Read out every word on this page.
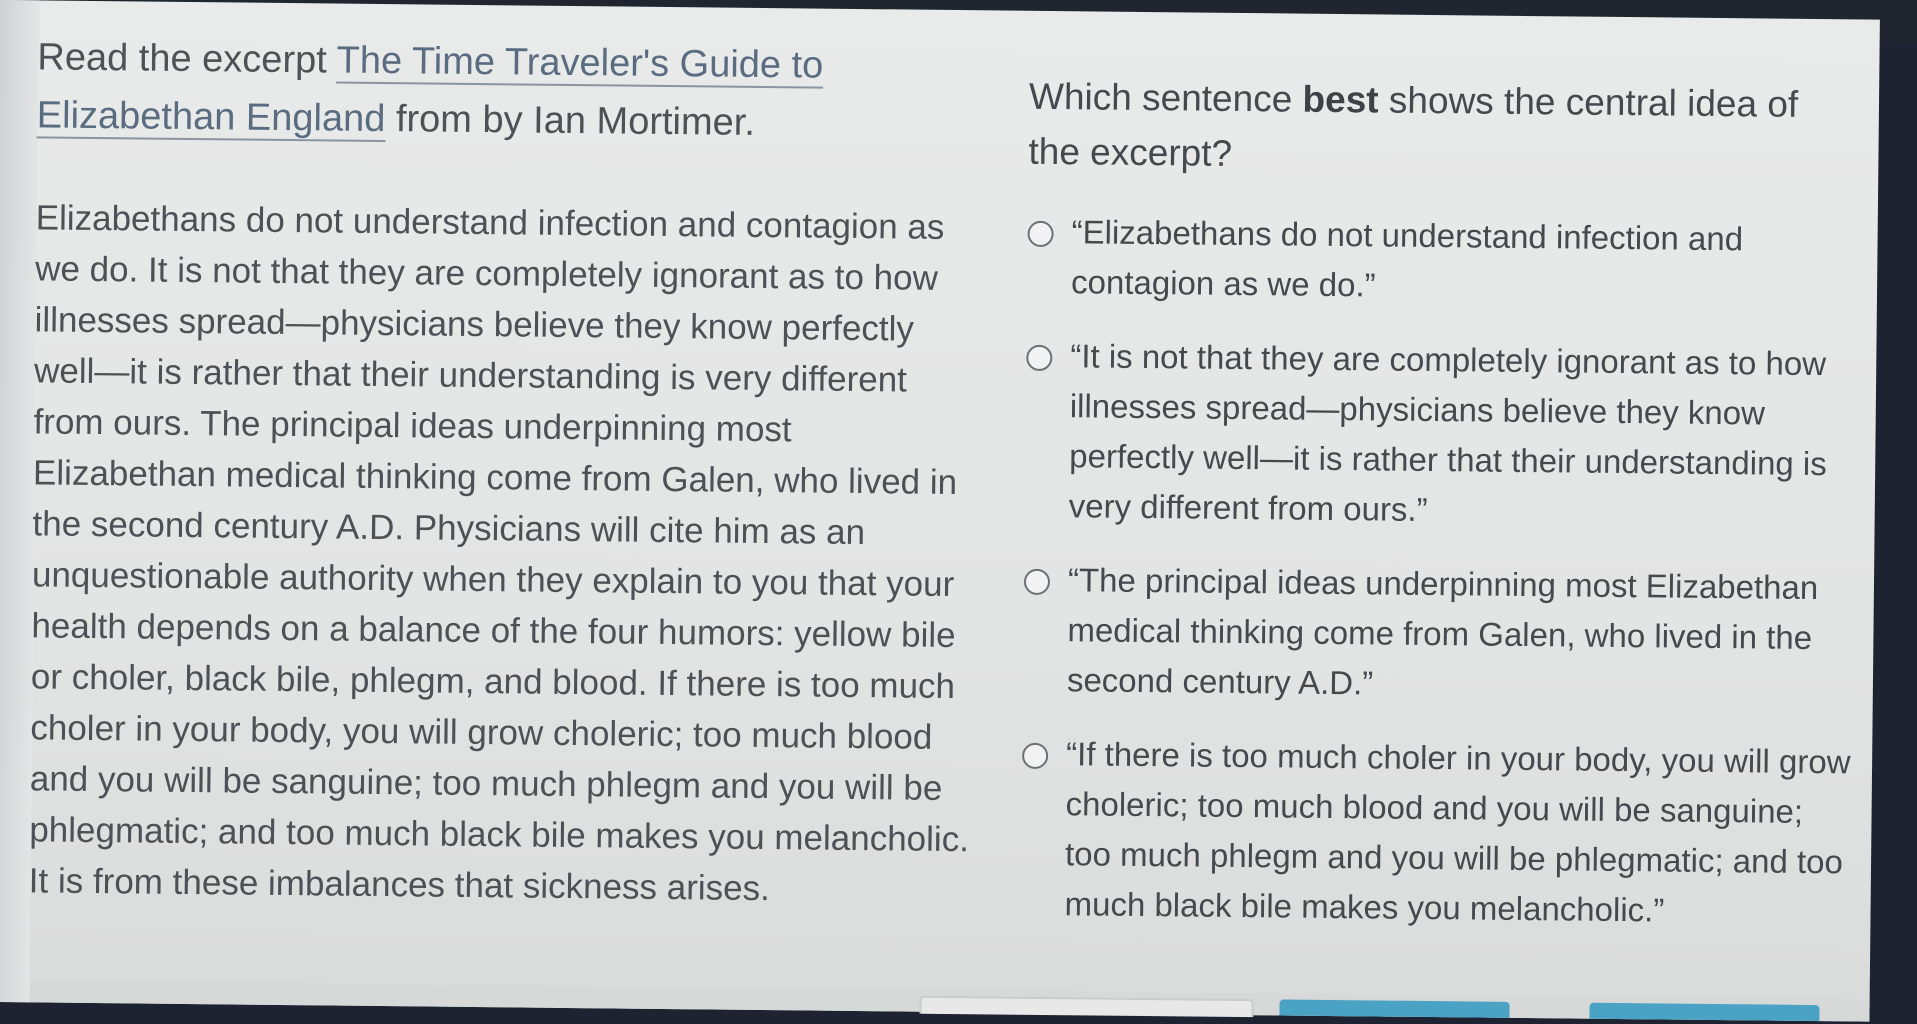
Read the excerpt The Time Traveler's Guide to Elizabethan England from by Ian Mortimer.

Elizabethans do not understand infection and contagion as we do. It is not that they are completely ignorant as to how illnesses spread—physicians believe they know perfectly well—it is rather that their understanding is very different from ours. The principal ideas underpinning most Elizabethan medical thinking come from Galen, who lived in the second century A.D. Physicians will cite him as an unquestionable authority when they explain to you that your health depends on a balance of the four humors: yellow bile or choler, black bile, phlegm, and blood. If there is too much choler in your body, you will grow choleric; too much blood and you will be sanguine; too much phlegm and you will be phlegmatic; and too much black bile makes you melancholic. It is from these imbalances that sickness arises.

Which sentence best shows the central idea of the excerpt?

“Elizabethans do not understand infection and contagion as we do.”
“It is not that they are completely ignorant as to how illnesses spread—physicians believe they know perfectly well—it is rather that their understanding is very different from ours.”
“The principal ideas underpinning most Elizabethan medical thinking come from Galen, who lived in the second century A.D.”
“If there is too much choler in your body, you will grow choleric; too much blood and you will be sanguine; too much phlegm and you will be phlegmatic; and too much black bile makes you melancholic.”
